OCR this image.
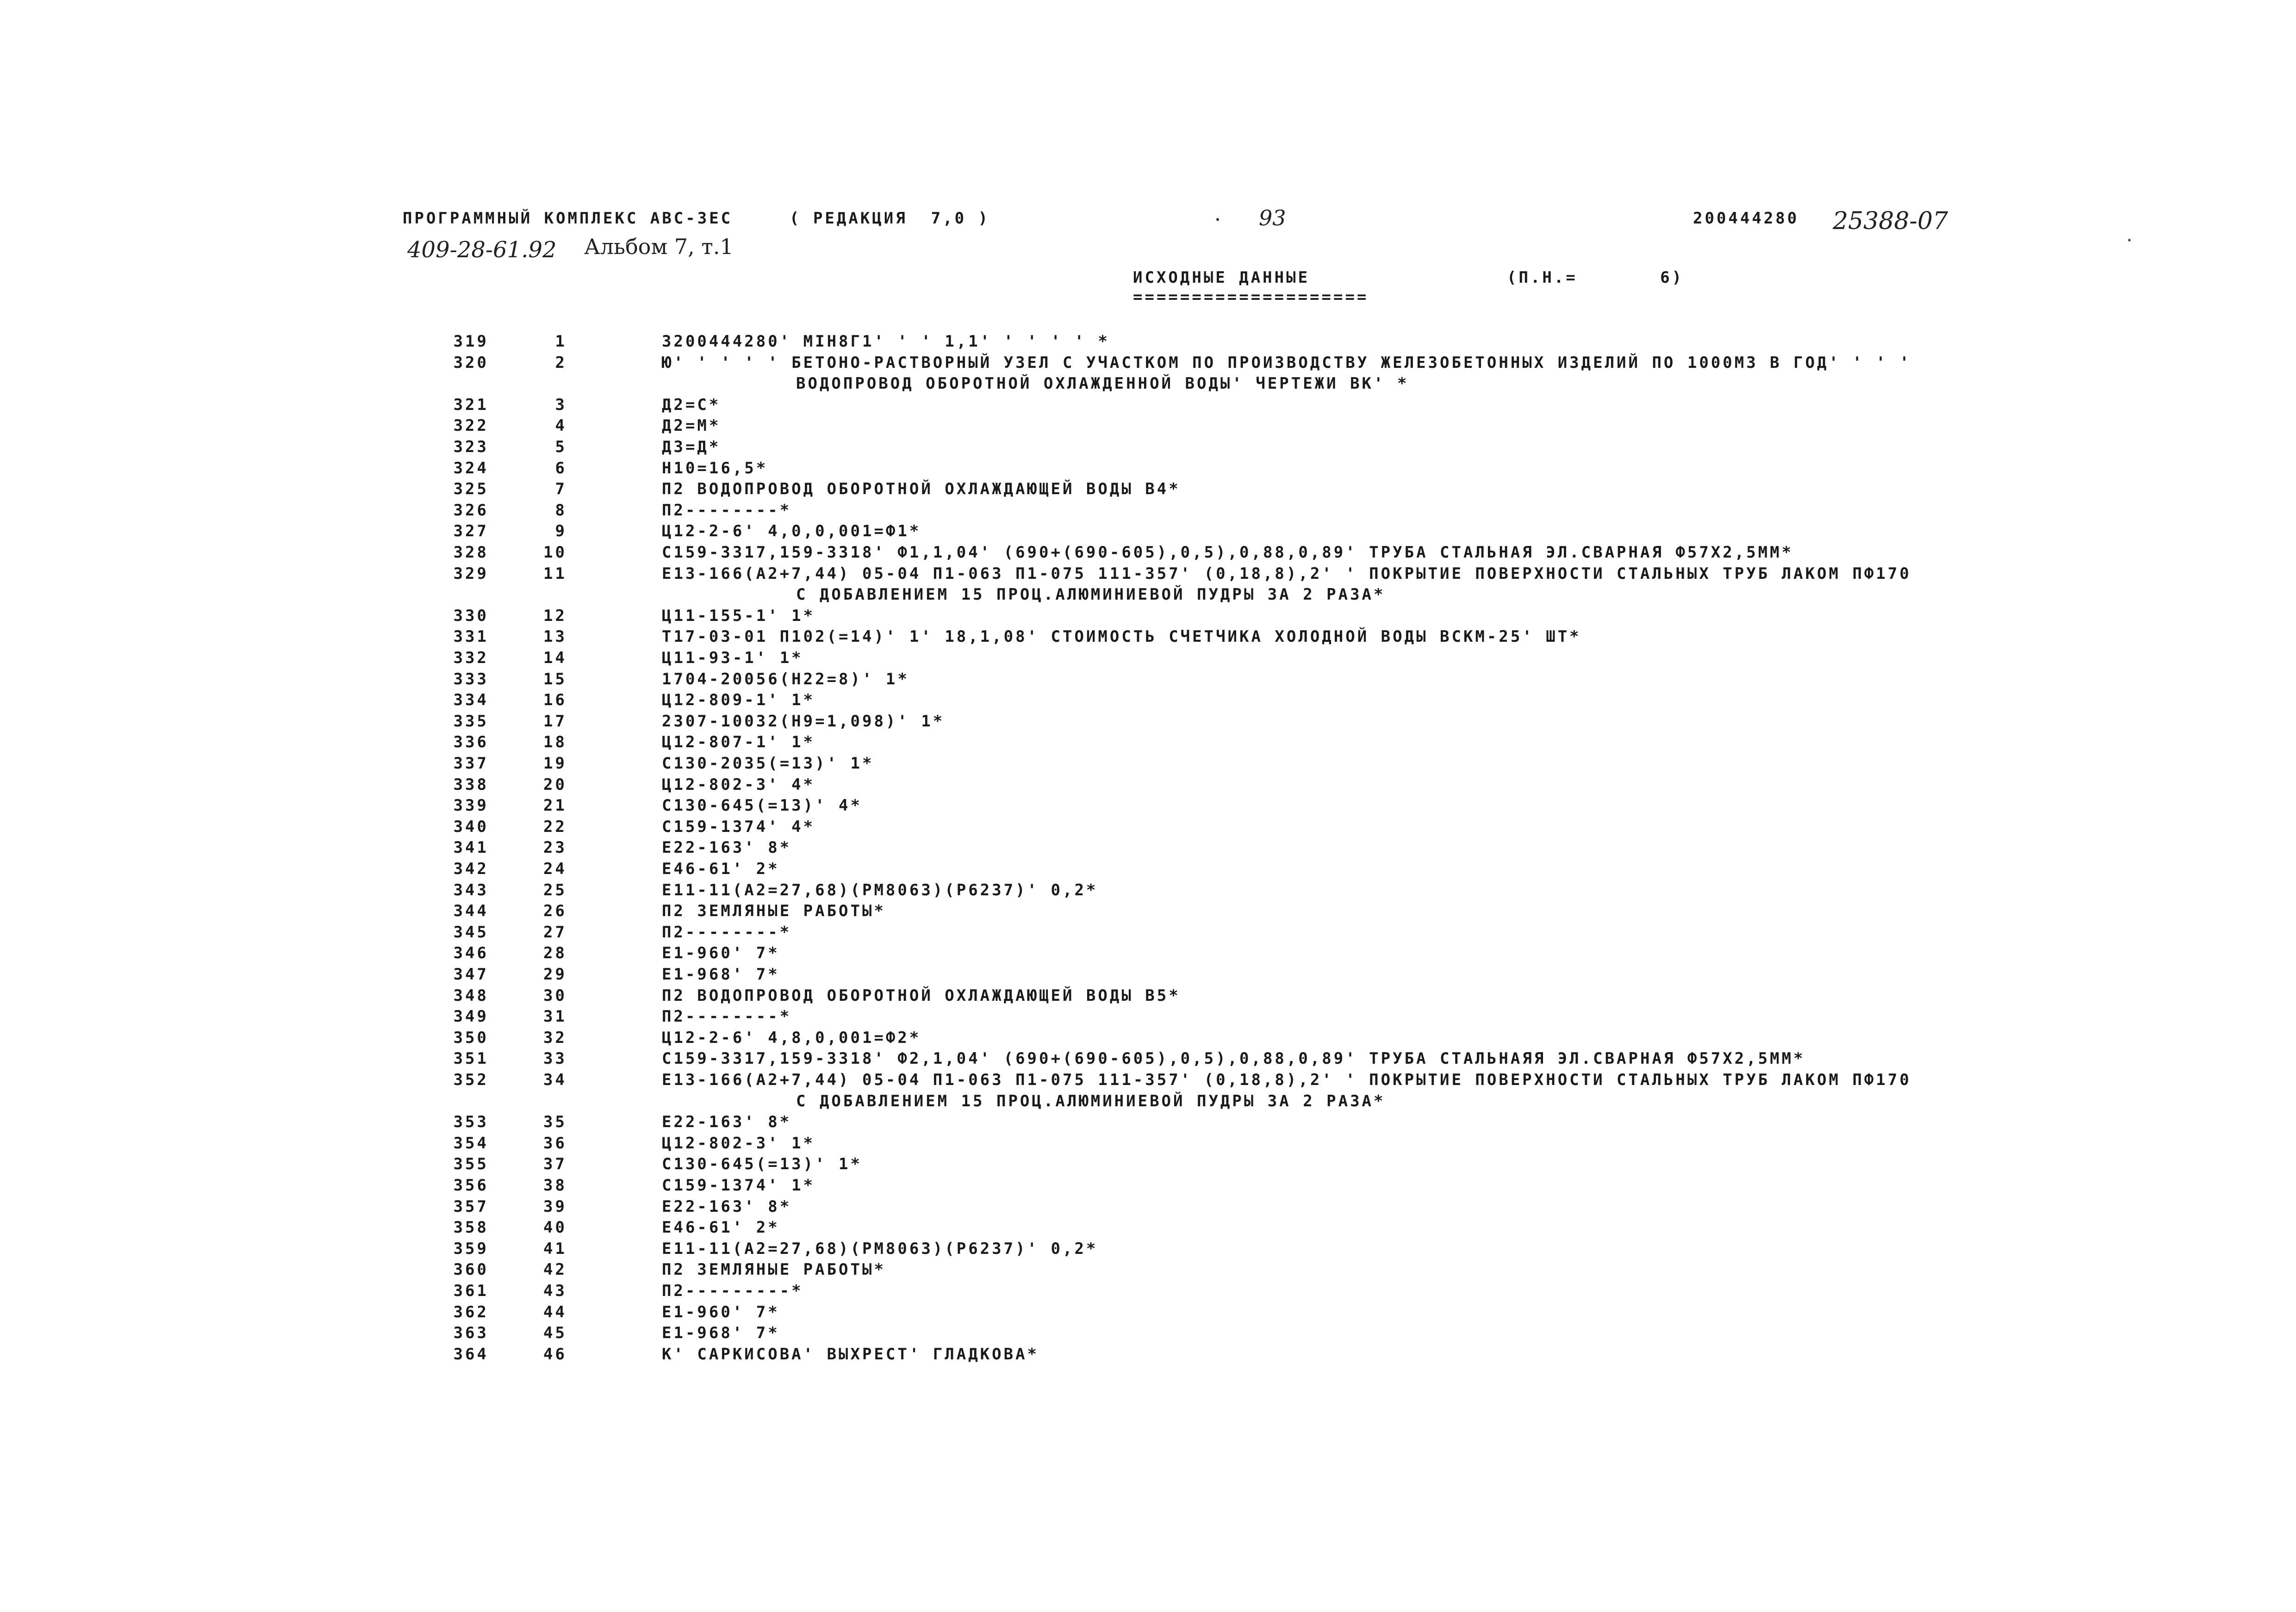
ПРОГРАММНЫЙ КОМПЛЕКС АВС-3ЕС	( РЕДАКЦИЯ  7,0 )	· 93	200444280 25388-07
409-28-61.92 Альбом 7, т.1
ИСХОДНЫЕ ДАННЫЕ
====================
(П.Н.=       6)
319	1	3200444280' МIН8Г1' ' ' 1,1' ' ' ' ' *
320	2	Ю' ' ' ' ' БЕТОНО-РАСТВОРНЫЙ УЗЕЛ С УЧАСТКОМ ПО ПРОИЗВОДСТВУ ЖЕЛЕЗОБЕТОННЫХ ИЗДЕЛИЙ ПО 1000М3 В ГОД' ' ' '
ВОДОПРОВОД ОБОРОТНОЙ ОХЛАЖДЕННОЙ ВОДЫ' ЧЕРТЕЖИ ВК' *
321	3	Д2=С*
322	4	Д2=М*
323	5	Д3=Д*
324	6	Н10=16,5*
325	7	П2 ВОДОПРОВОД ОБОРОТНОЙ ОХЛАЖДАЮЩЕЙ ВОДЫ В4*
326	8	П2--------*
327	9	Ц12-2-6' 4,0,0,001=Ф1*
328	10	С159-3317,159-3318' Ф1,1,04' (690+(690-605),0,5),0,88,0,89' ТРУБА СТАЛЬНАЯ ЭЛ.СВАРНАЯ Ф57Х2,5ММ*
329	11	Е13-166(А2+7,44) 05-04 П1-063 П1-075 111-357' (0,18,8),2' ' ПОКРЫТИЕ ПОВЕРХНОСТИ СТАЛЬНЫХ ТРУБ ЛАКОМ ПФ170
С ДОБАВЛЕНИЕМ 15 ПРОЦ.АЛЮМИНИЕВОЙ ПУДРЫ ЗА 2 РАЗА*
330	12	Ц11-155-1' 1*
331	13	Т17-03-01 П102(=14)' 1' 18,1,08' СТОИМОСТЬ СЧЕТЧИКА ХОЛОДНОЙ ВОДЫ ВСКМ-25' ШТ*
332	14	Ц11-93-1' 1*
333	15	1704-20056(Н22=8)' 1*
334	16	Ц12-809-1' 1*
335	17	2307-10032(Н9=1,098)' 1*
336	18	Ц12-807-1' 1*
337	19	С130-2035(=13)' 1*
338	20	Ц12-802-3' 4*
339	21	С130-645(=13)' 4*
340	22	С159-1374' 4*
341	23	Е22-163' 8*
342	24	Е46-61' 2*
343	25	Е11-11(А2=27,68)(РМ8063)(Р6237)' 0,2*
344	26	П2 ЗЕМЛЯНЫЕ РАБОТЫ*
345	27	П2--------*
346	28	Е1-960' 7*
347	29	Е1-968' 7*
348	30	П2 ВОДОПРОВОД ОБОРОТНОЙ ОХЛАЖДАЮЩЕЙ ВОДЫ В5*
349	31	П2--------*
350	32	Ц12-2-6' 4,8,0,001=Ф2*
351	33	С159-3317,159-3318' Ф2,1,04' (690+(690-605),0,5),0,88,0,89' ТРУБА СТАЛЬНАЯЯ ЭЛ.СВАРНАЯ Ф57Х2,5ММ*
352	34	Е13-166(А2+7,44) 05-04 П1-063 П1-075 111-357' (0,18,8),2' ' ПОКРЫТИЕ ПОВЕРХНОСТИ СТАЛЬНЫХ ТРУБ ЛАКОМ ПФ170
С ДОБАВЛЕНИЕМ 15 ПРОЦ.АЛЮМИНИЕВОЙ ПУДРЫ ЗА 2 РАЗА*
353	35	Е22-163' 8*
354	36	Ц12-802-3' 1*
355	37	С130-645(=13)' 1*
356	38	С159-1374' 1*
357	39	Е22-163' 8*
358	40	Е46-61' 2*
359	41	Е11-11(А2=27,68)(РМ8063)(Р6237)' 0,2*
360	42	П2 ЗЕМЛЯНЫЕ РАБОТЫ*
361	43	П2---------*
362	44	Е1-960' 7*
363	45	Е1-968' 7*
364	46	К' САРКИСОВА' ВЫХРЕСТ' ГЛАДКОВА*
